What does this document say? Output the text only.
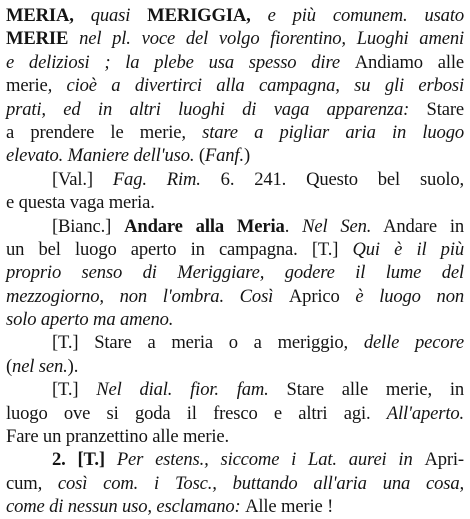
MERIA, quasi MERIGGIA, e più comunem. usato
MERIE nel pl. voce del volgo fiorentino, Luoghi ameni
e deliziosi ; la plebe usa spesso dire Andiamo alle
merie, cioè a divertirci alla campagna, su gli erbosi
prati, ed in altri luoghi di vaga apparenza: Stare
a prendere le merie, stare a pigliar aria in luogo
elevato. Maniere dell'uso. (Fanf.)
[Val.] Fag. Rim. 6. 241. Questo bel suolo,
e questa vaga meria.
[Bianc.] Andare alla Meria. Nel Sen. Andare in
un bel luogo aperto in campagna. [T.] Qui è il più
proprio senso di Meriggiare, godere il lume del
mezzogiorno, non l'ombra. Così Aprico è luogo non
solo aperto ma ameno.
[T.] Stare a meria o a meriggio, delle pecore
(nel sen.).
[T.] Nel dial. fior. fam. Stare alle merie, in
luogo ove si goda il fresco e altri agi. All'aperto.
Fare un pranzettino alle merie.
2. [T.] Per estens., siccome i Lat. aurei in Apri-
cum, così com. i Tosc., buttando all'aria una cosa,
come di nessun uso, esclamano: Alle merie !
